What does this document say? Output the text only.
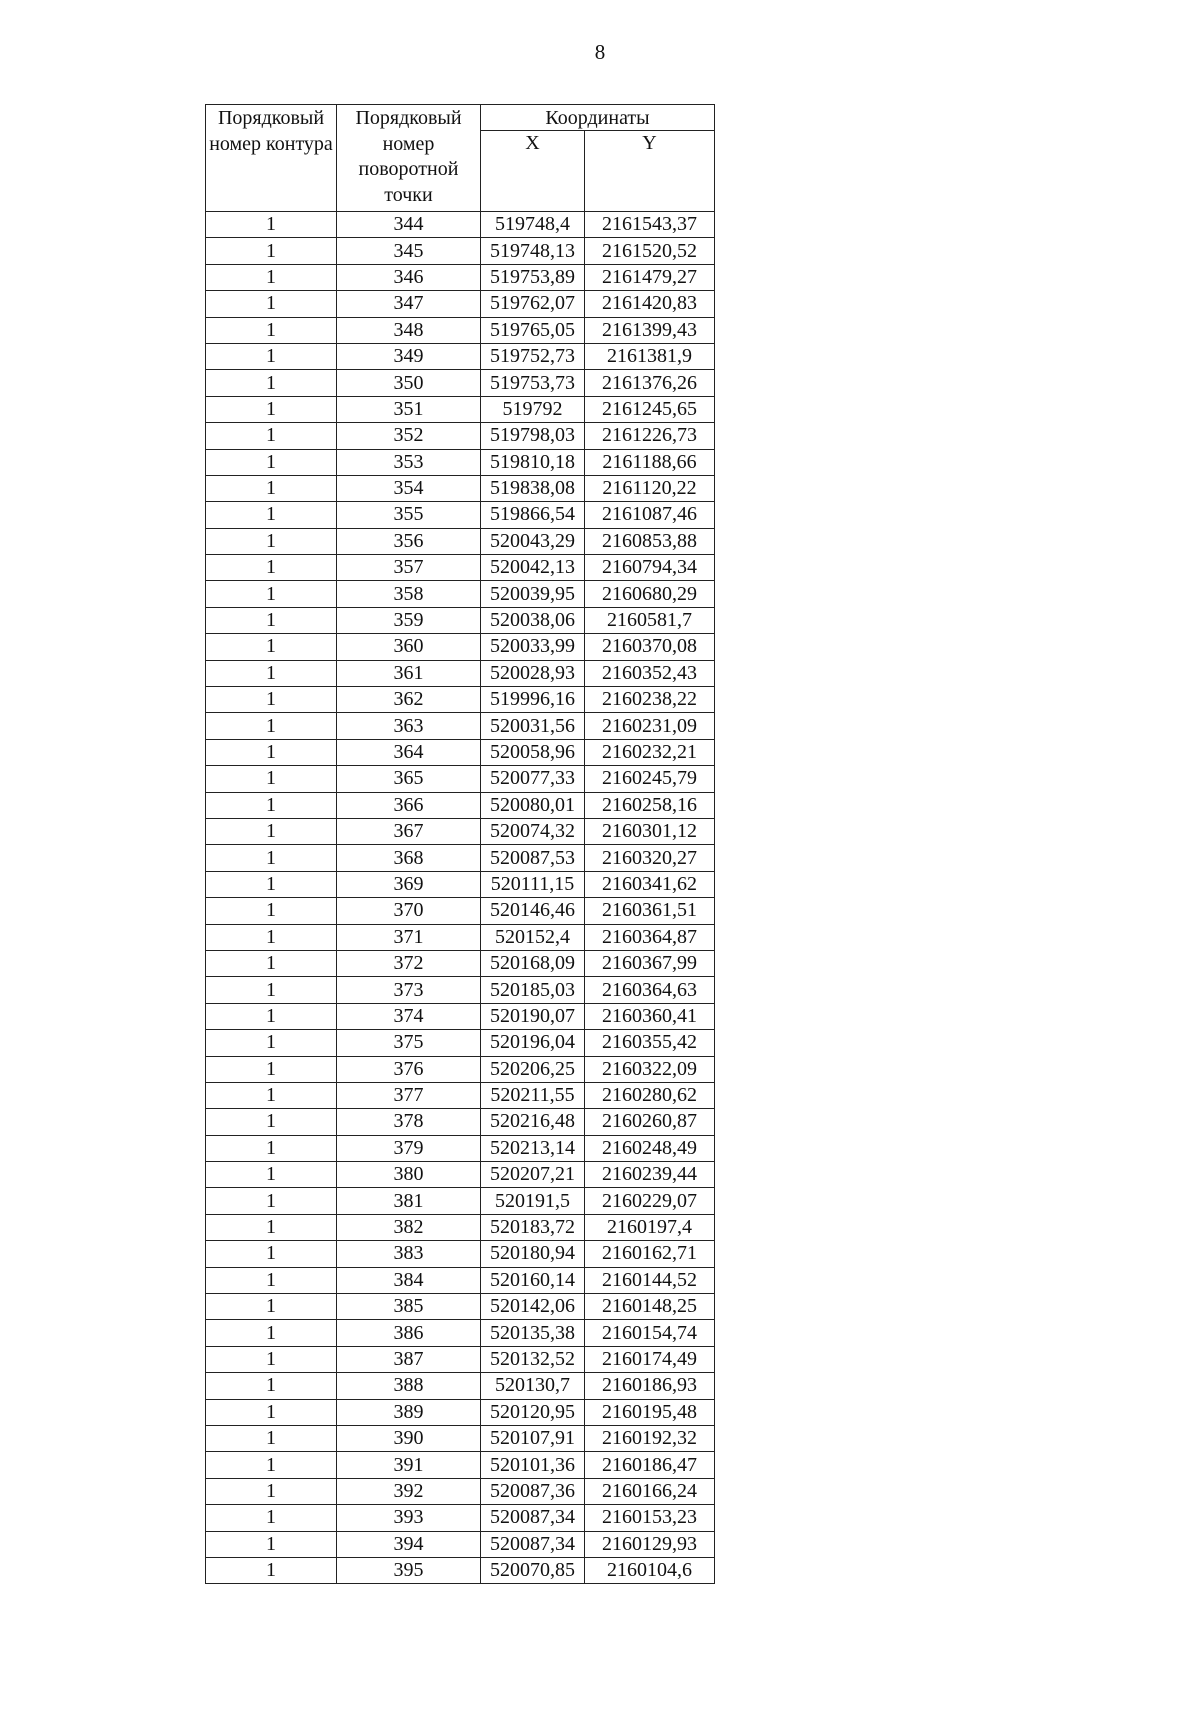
8
Порядковый номер контура	Порядковый номер поворотной точки	Координаты	
		X	Y
1	344	519748,4	2161543,37
1	345	519748,13	2161520,52
1	346	519753,89	2161479,27
1	347	519762,07	2161420,83
1	348	519765,05	2161399,43
1	349	519752,73	2161381,9
1	350	519753,73	2161376,26
1	351	519792	2161245,65
1	352	519798,03	2161226,73
1	353	519810,18	2161188,66
1	354	519838,08	2161120,22
1	355	519866,54	2161087,46
1	356	520043,29	2160853,88
1	357	520042,13	2160794,34
1	358	520039,95	2160680,29
1	359	520038,06	2160581,7
1	360	520033,99	2160370,08
1	361	520028,93	2160352,43
1	362	519996,16	2160238,22
1	363	520031,56	2160231,09
1	364	520058,96	2160232,21
1	365	520077,33	2160245,79
1	366	520080,01	2160258,16
1	367	520074,32	2160301,12
1	368	520087,53	2160320,27
1	369	520111,15	2160341,62
1	370	520146,46	2160361,51
1	371	520152,4	2160364,87
1	372	520168,09	2160367,99
1	373	520185,03	2160364,63
1	374	520190,07	2160360,41
1	375	520196,04	2160355,42
1	376	520206,25	2160322,09
1	377	520211,55	2160280,62
1	378	520216,48	2160260,87
1	379	520213,14	2160248,49
1	380	520207,21	2160239,44
1	381	520191,5	2160229,07
1	382	520183,72	2160197,4
1	383	520180,94	2160162,71
1	384	520160,14	2160144,52
1	385	520142,06	2160148,25
1	386	520135,38	2160154,74
1	387	520132,52	2160174,49
1	388	520130,7	2160186,93
1	389	520120,95	2160195,48
1	390	520107,91	2160192,32
1	391	520101,36	2160186,47
1	392	520087,36	2160166,24
1	393	520087,34	2160153,23
1	394	520087,34	2160129,93
1	395	520070,85	2160104,6
